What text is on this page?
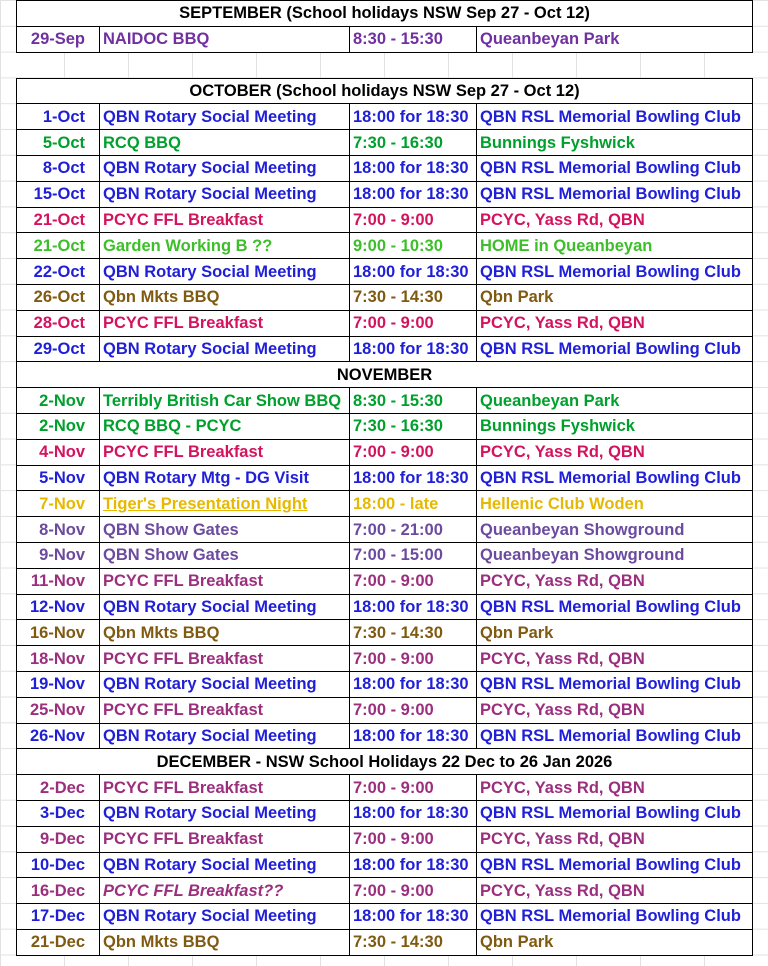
SEPTEMBER (School holidays NSW Sep 27 - Oct 12)			
29-Sep	NAIDOC BBQ	8:30 - 15:30	Queanbeyan Park

OCTOBER (School holidays NSW Sep 27 - Oct 12)			
1-Oct	QBN Rotary Social Meeting	18:00 for 18:30	QBN RSL Memorial Bowling Club
5-Oct	RCQ BBQ	7:30 - 16:30	Bunnings Fyshwick
8-Oct	QBN Rotary Social Meeting	18:00 for 18:30	QBN RSL Memorial Bowling Club
15-Oct	QBN Rotary Social Meeting	18:00 for 18:30	QBN RSL Memorial Bowling Club
21-Oct	PCYC FFL Breakfast	7:00 - 9:00	PCYC, Yass Rd, QBN
21-Oct	Garden Working B ??	9:00 - 10:30	HOME in Queanbeyan
22-Oct	QBN Rotary Social Meeting	18:00 for 18:30	QBN RSL Memorial Bowling Club
26-Oct	Qbn Mkts BBQ	7:30 - 14:30	Qbn Park
28-Oct	PCYC FFL Breakfast	7:00 - 9:00	PCYC, Yass Rd, QBN
29-Oct	QBN Rotary Social Meeting	18:00 for 18:30	QBN RSL Memorial Bowling Club
NOVEMBER			
2-Nov	Terribly British Car Show BBQ	8:30 - 15:30	Queanbeyan Park
2-Nov	RCQ BBQ - PCYC	7:30 - 16:30	Bunnings Fyshwick
4-Nov	PCYC FFL Breakfast	7:00 - 9:00	PCYC, Yass Rd, QBN
5-Nov	QBN Rotary Mtg - DG Visit	18:00 for 18:30	QBN RSL Memorial Bowling Club
7-Nov	Tiger's Presentation Night	18:00 - late	Hellenic Club Woden
8-Nov	QBN Show Gates	7:00 - 21:00	Queanbeyan Showground
9-Nov	QBN Show Gates	7:00 - 15:00	Queanbeyan Showground
11-Nov	PCYC FFL Breakfast	7:00 - 9:00	PCYC, Yass Rd, QBN
12-Nov	QBN Rotary Social Meeting	18:00 for 18:30	QBN RSL Memorial Bowling Club
16-Nov	Qbn Mkts BBQ	7:30 - 14:30	Qbn Park
18-Nov	PCYC FFL Breakfast	7:00 - 9:00	PCYC, Yass Rd, QBN
19-Nov	QBN Rotary Social Meeting	18:00 for 18:30	QBN RSL Memorial Bowling Club
25-Nov	PCYC FFL Breakfast	7:00 - 9:00	PCYC, Yass Rd, QBN
26-Nov	QBN Rotary Social Meeting	18:00 for 18:30	QBN RSL Memorial Bowling Club
DECEMBER - NSW School Holidays 22 Dec to 26 Jan 2026			
2-Dec	PCYC FFL Breakfast	7:00 - 9:00	PCYC, Yass Rd, QBN
3-Dec	QBN Rotary Social Meeting	18:00 for 18:30	QBN RSL Memorial Bowling Club
9-Dec	PCYC FFL Breakfast	7:00 - 9:00	PCYC, Yass Rd, QBN
10-Dec	QBN Rotary Social Meeting	18:00 for 18:30	QBN RSL Memorial Bowling Club
16-Dec	PCYC FFL Breakfast??	7:00 - 9:00	PCYC, Yass Rd, QBN
17-Dec	QBN Rotary Social Meeting	18:00 for 18:30	QBN RSL Memorial Bowling Club
21-Dec	Qbn Mkts BBQ	7:30 - 14:30	Qbn Park
